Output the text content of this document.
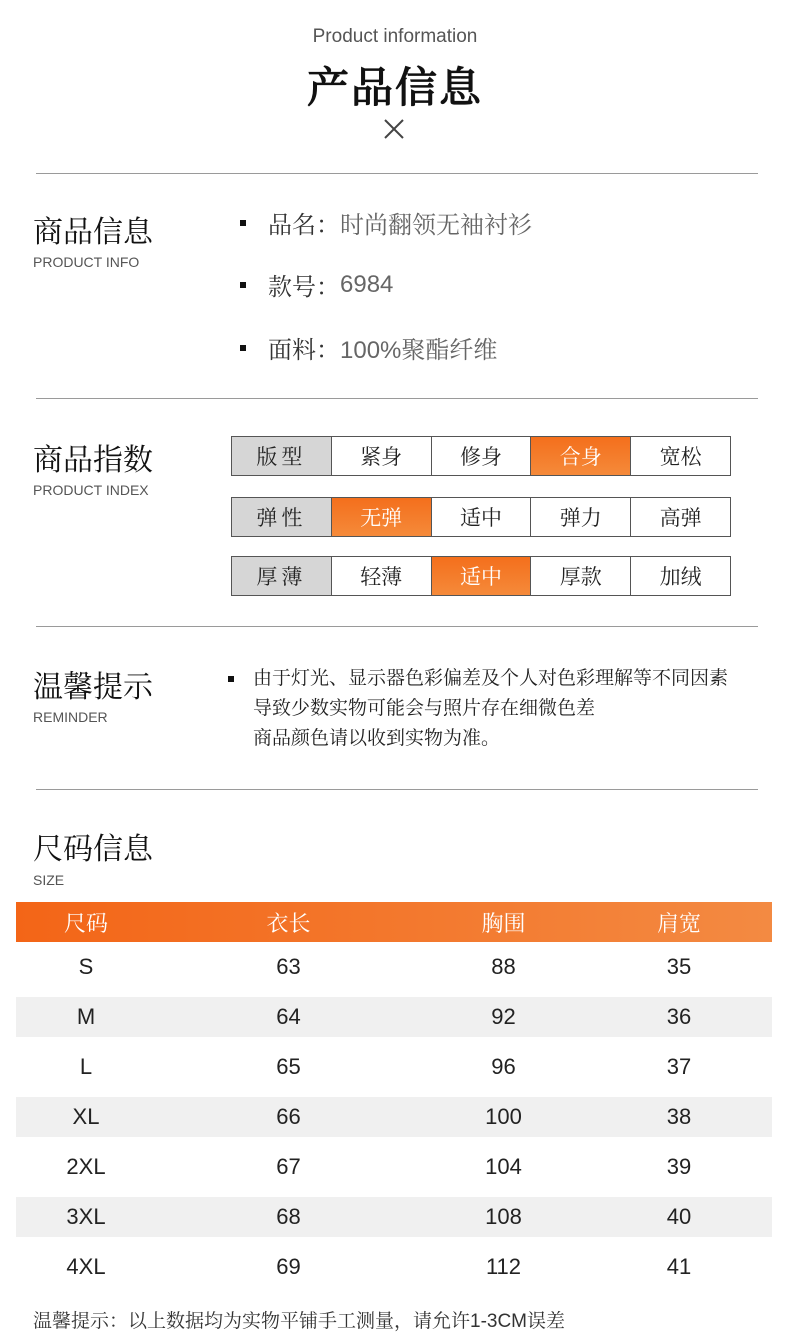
Product information
产品信息
商品信息
PRODUCT INFO
品名： 时尚翻领无袖衬衫
款号： 6984
面料： 100%聚酯纤维
商品指数
PRODUCT INDEX
版型	紧身	修身	合身	宽松
弹性	无弹	适中	弹力	高弹
厚薄	轻薄	适中	厚款	加绒
温馨提示
REMINDER
由于灯光、显示器色彩偏差及个人对色彩理解等不同因素
导致少数实物可能会与照片存在细微色差
商品颜色请以收到实物为准。
尺码信息
SIZE
尺码	衣长	胸围	肩宽
S	63	88	35
M	64	92	36
L	65	96	37
XL	66	100	38
2XL	67	104	39
3XL	68	108	40
4XL	69	112	41
温馨提示：以上数据均为实物平铺手工测量，请允许1-3CM误差
